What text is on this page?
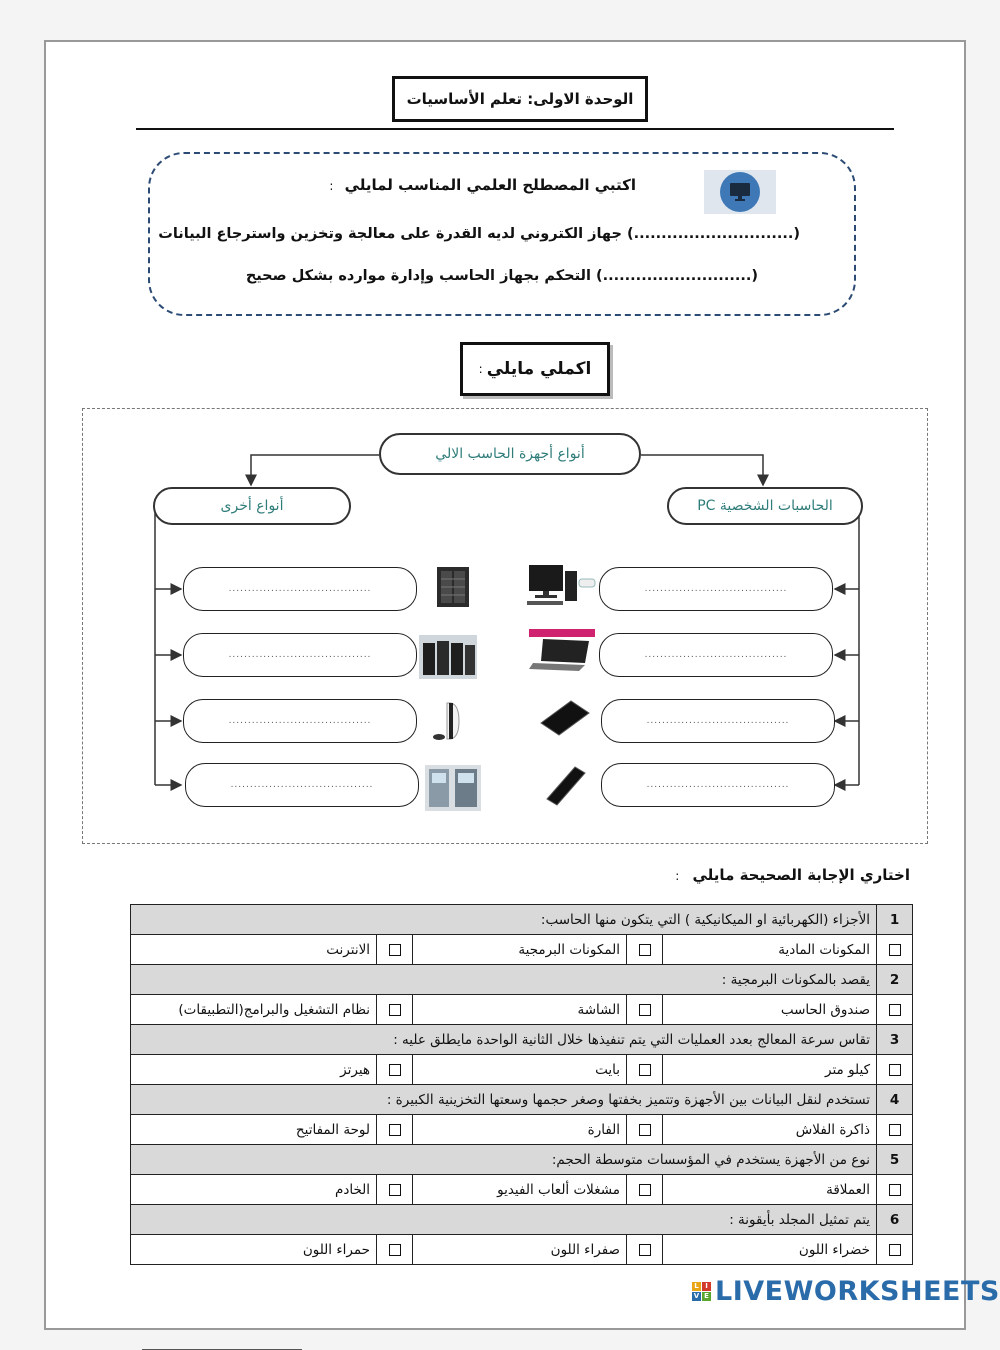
الوحدة الاولى: تعلم الأساسيات
اكتبي المصطلح العلمي المناسب لمايلي :
(.............................) جهاز الكتروني لديه القدرة على معالجة وتخزين واسترجاع البيانات
(...........................) التحكم بجهاز الحاسب وإدارة موارده بشكل صحيح
اكملي مايلي
:
أنواع أجهزة الحاسب الالي
أنواع أخرى	الحاسبات الشخصية PC
.....................................
.....................................
.....................................
.....................................
.....................................
.....................................
.....................................
.....................................
اختاري الإجابة الصحيحة مايلي :
1	الأجزاء (الكهربائية او الميكانيكية ) التي يتكون منها الحاسب:				
	المكونات المادية		المكونات البرمجية		الانترنت
2	يقصد بالمكونات البرمجية :				
	صندوق الحاسب		الشاشة		نظام التشغيل والبرامج(التطبيقات)
3	تقاس سرعة المعالج بعدد العمليات التي يتم تنفيذها خلال الثانية الواحدة مايطلق عليه :				
	كيلو متر		بايت		هيرتز
4	تستخدم لنقل البيانات بين الأجهزة وتتميز بخفتها وصغر حجمها وسعتها التخزينية الكبيرة :				
	ذاكرة الفلاش		الفارة		لوحة المفاتيح
5	نوع من الأجهزة يستخدم في المؤسسات متوسطة الحجم:				
	العملاقة		مشغلات ألعاب الفيديو		الخادم
6	يتم تمثيل المجلد بأيقونة :				
	خضراء اللون		صفراء اللون		حمراء اللون
L I
V E LIVEWORKSHEETS
